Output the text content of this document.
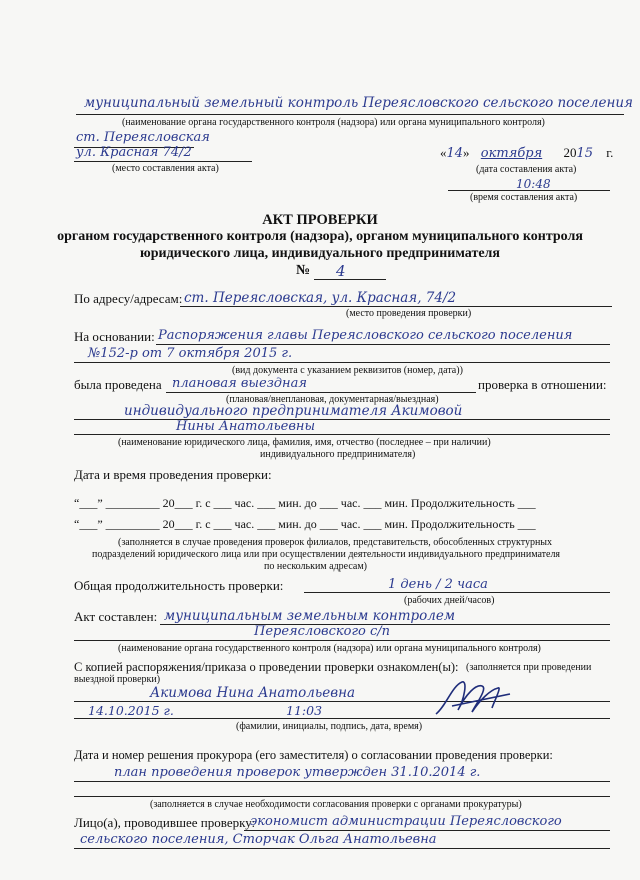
муниципальный земельный контроль Переясловского сельского поселения
(наименование органа государственного контроля (надзора) или органа муниципального контроля)
ст. Переясловская
ул. Красная 74/2
(место составления акта)
«14» октября 2015 г.
(дата составления акта)
10:48
(время составления акта)
АКТ ПРОВЕРКИ
органом государственного контроля (надзора), органом муниципального контроля
юридического лица, индивидуального предпринимателя
№ 4
По адресу/адресам: ст. Переясловская, ул. Красная, 74/2
(место проведения проверки)
На основании: Распоряжения главы Переясловского сельского поселения
№152-р от 7 октября 2015 г.
(вид документа с указанием реквизитов (номер, дата))
была проведена плановая выездная	проверка в отношении:
(плановая/внеплановая, документарная/выездная)
индивидуального предпринимателя Акимовой
Нины Анатольевны
(наименование юридического лица, фамилия, имя, отчество (последнее – при наличии)
индивидуального предпринимателя)
Дата и время проведения проверки:
“___” _________ 20___ г. с ___ час. ___ мин. до ___ час. ___ мин. Продолжительность ___
“___” _________ 20___ г. с ___ час. ___ мин. до ___ час. ___ мин. Продолжительность ___
(заполняется в случае проведения проверок филиалов, представительств, обособленных структурных
подразделений юридического лица или при осуществлении деятельности индивидуального предпринимателя
по нескольким адресам)
Общая продолжительность проверки:	1 день / 2 часа
(рабочих дней/часов)
Акт составлен: муниципальным земельным контролем
Переясловского с/п
(наименование органа государственного контроля (надзора) или органа муниципального контроля)
С копией распоряжения/приказа о проведении проверки ознакомлен(ы): (заполняется при проведении
выездной проверки)
Акимова Нина Анатольевна
14.10.2015 г.	11:03
(фамилии, инициалы, подпись, дата, время)
Дата и номер решения прокурора (его заместителя) о согласовании проведения проверки:
план проведения проверок утвержден 31.10.2014 г.
(заполняется в случае необходимости согласования проверки с органами прокуратуры)
Лицо(а), проводившее проверку:
экономист администрации Переясловского
сельского поселения, Сторчак Ольга Анатольевна
